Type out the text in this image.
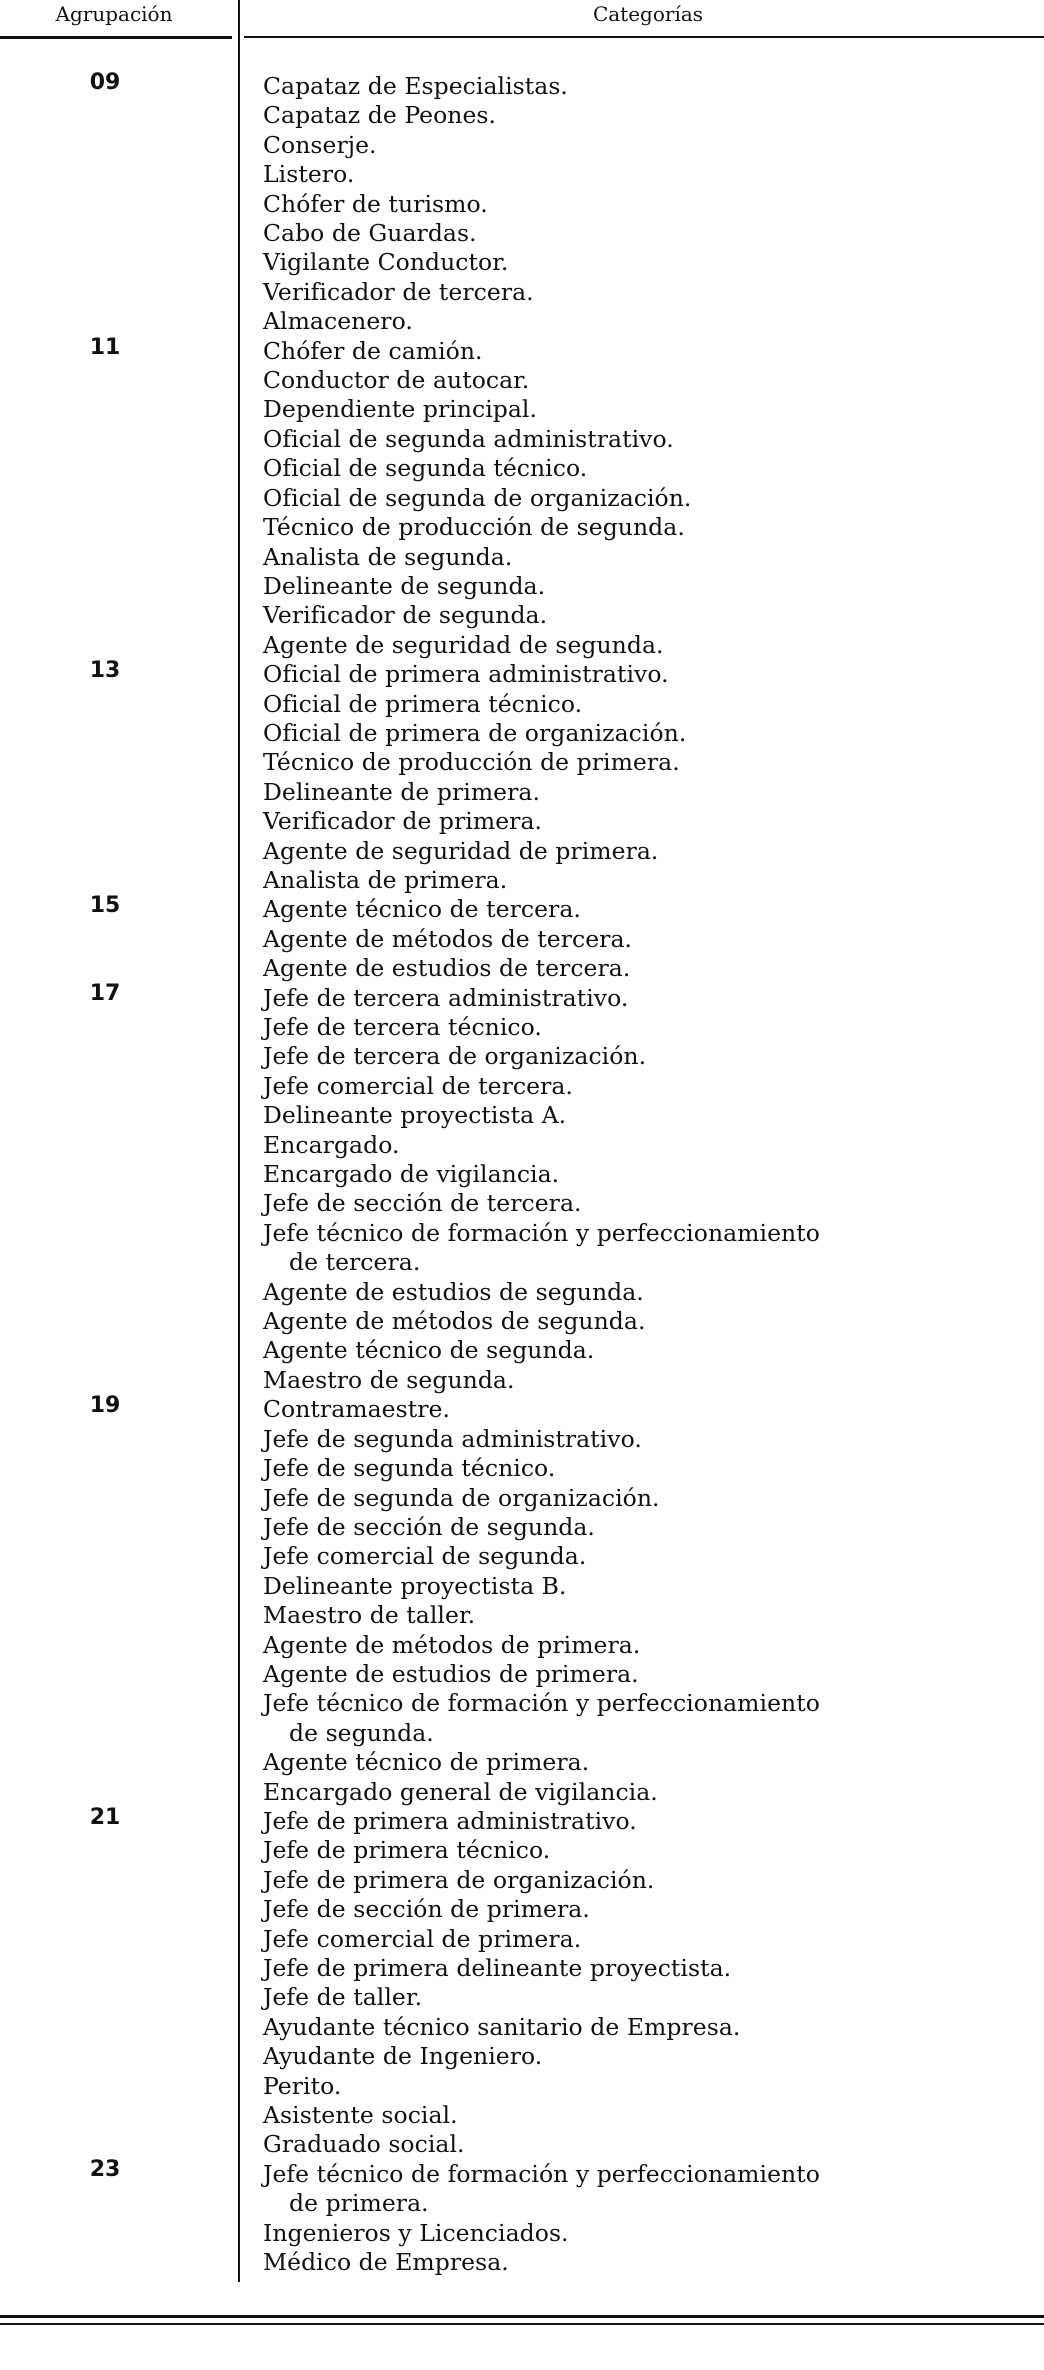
Agrupación	Categorías
09
11
13
15
17
19
21
23
Capataz de Especialistas.
Capataz de Peones.
Conserje.
Listero.
Chófer de turismo.
Cabo de Guardas.
Vigilante Conductor.
Verificador de tercera.
Almacenero.
Chófer de camión.
Conductor de autocar.
Dependiente principal.
Oficial de segunda administrativo.
Oficial de segunda técnico.
Oficial de segunda de organización.
Técnico de producción de segunda.
Analista de segunda.
Delineante de segunda.
Verificador de segunda.
Agente de seguridad de segunda.
Oficial de primera administrativo.
Oficial de primera técnico.
Oficial de primera de organización.
Técnico de producción de primera.
Delineante de primera.
Verificador de primera.
Agente de seguridad de primera.
Analista de primera.
Agente técnico de tercera.
Agente de métodos de tercera.
Agente de estudios de tercera.
Jefe de tercera administrativo.
Jefe de tercera técnico.
Jefe de tercera de organización.
Jefe comercial de tercera.
Delineante proyectista A.
Encargado.
Encargado de vigilancia.
Jefe de sección de tercera.
Jefe técnico de formación y perfeccionamiento
de tercera.
Agente de estudios de segunda.
Agente de métodos de segunda.
Agente técnico de segunda.
Maestro de segunda.
Contramaestre.
Jefe de segunda administrativo.
Jefe de segunda técnico.
Jefe de segunda de organización.
Jefe de sección de segunda.
Jefe comercial de segunda.
Delineante proyectista B.
Maestro de taller.
Agente de métodos de primera.
Agente de estudios de primera.
Jefe técnico de formación y perfeccionamiento
de segunda.
Agente técnico de primera.
Encargado general de vigilancia.
Jefe de primera administrativo.
Jefe de primera técnico.
Jefe de primera de organización.
Jefe de sección de primera.
Jefe comercial de primera.
Jefe de primera delineante proyectista.
Jefe de taller.
Ayudante técnico sanitario de Empresa.
Ayudante de Ingeniero.
Perito.
Asistente social.
Graduado social.
Jefe técnico de formación y perfeccionamiento
de primera.
Ingenieros y Licenciados.
Médico de Empresa.
